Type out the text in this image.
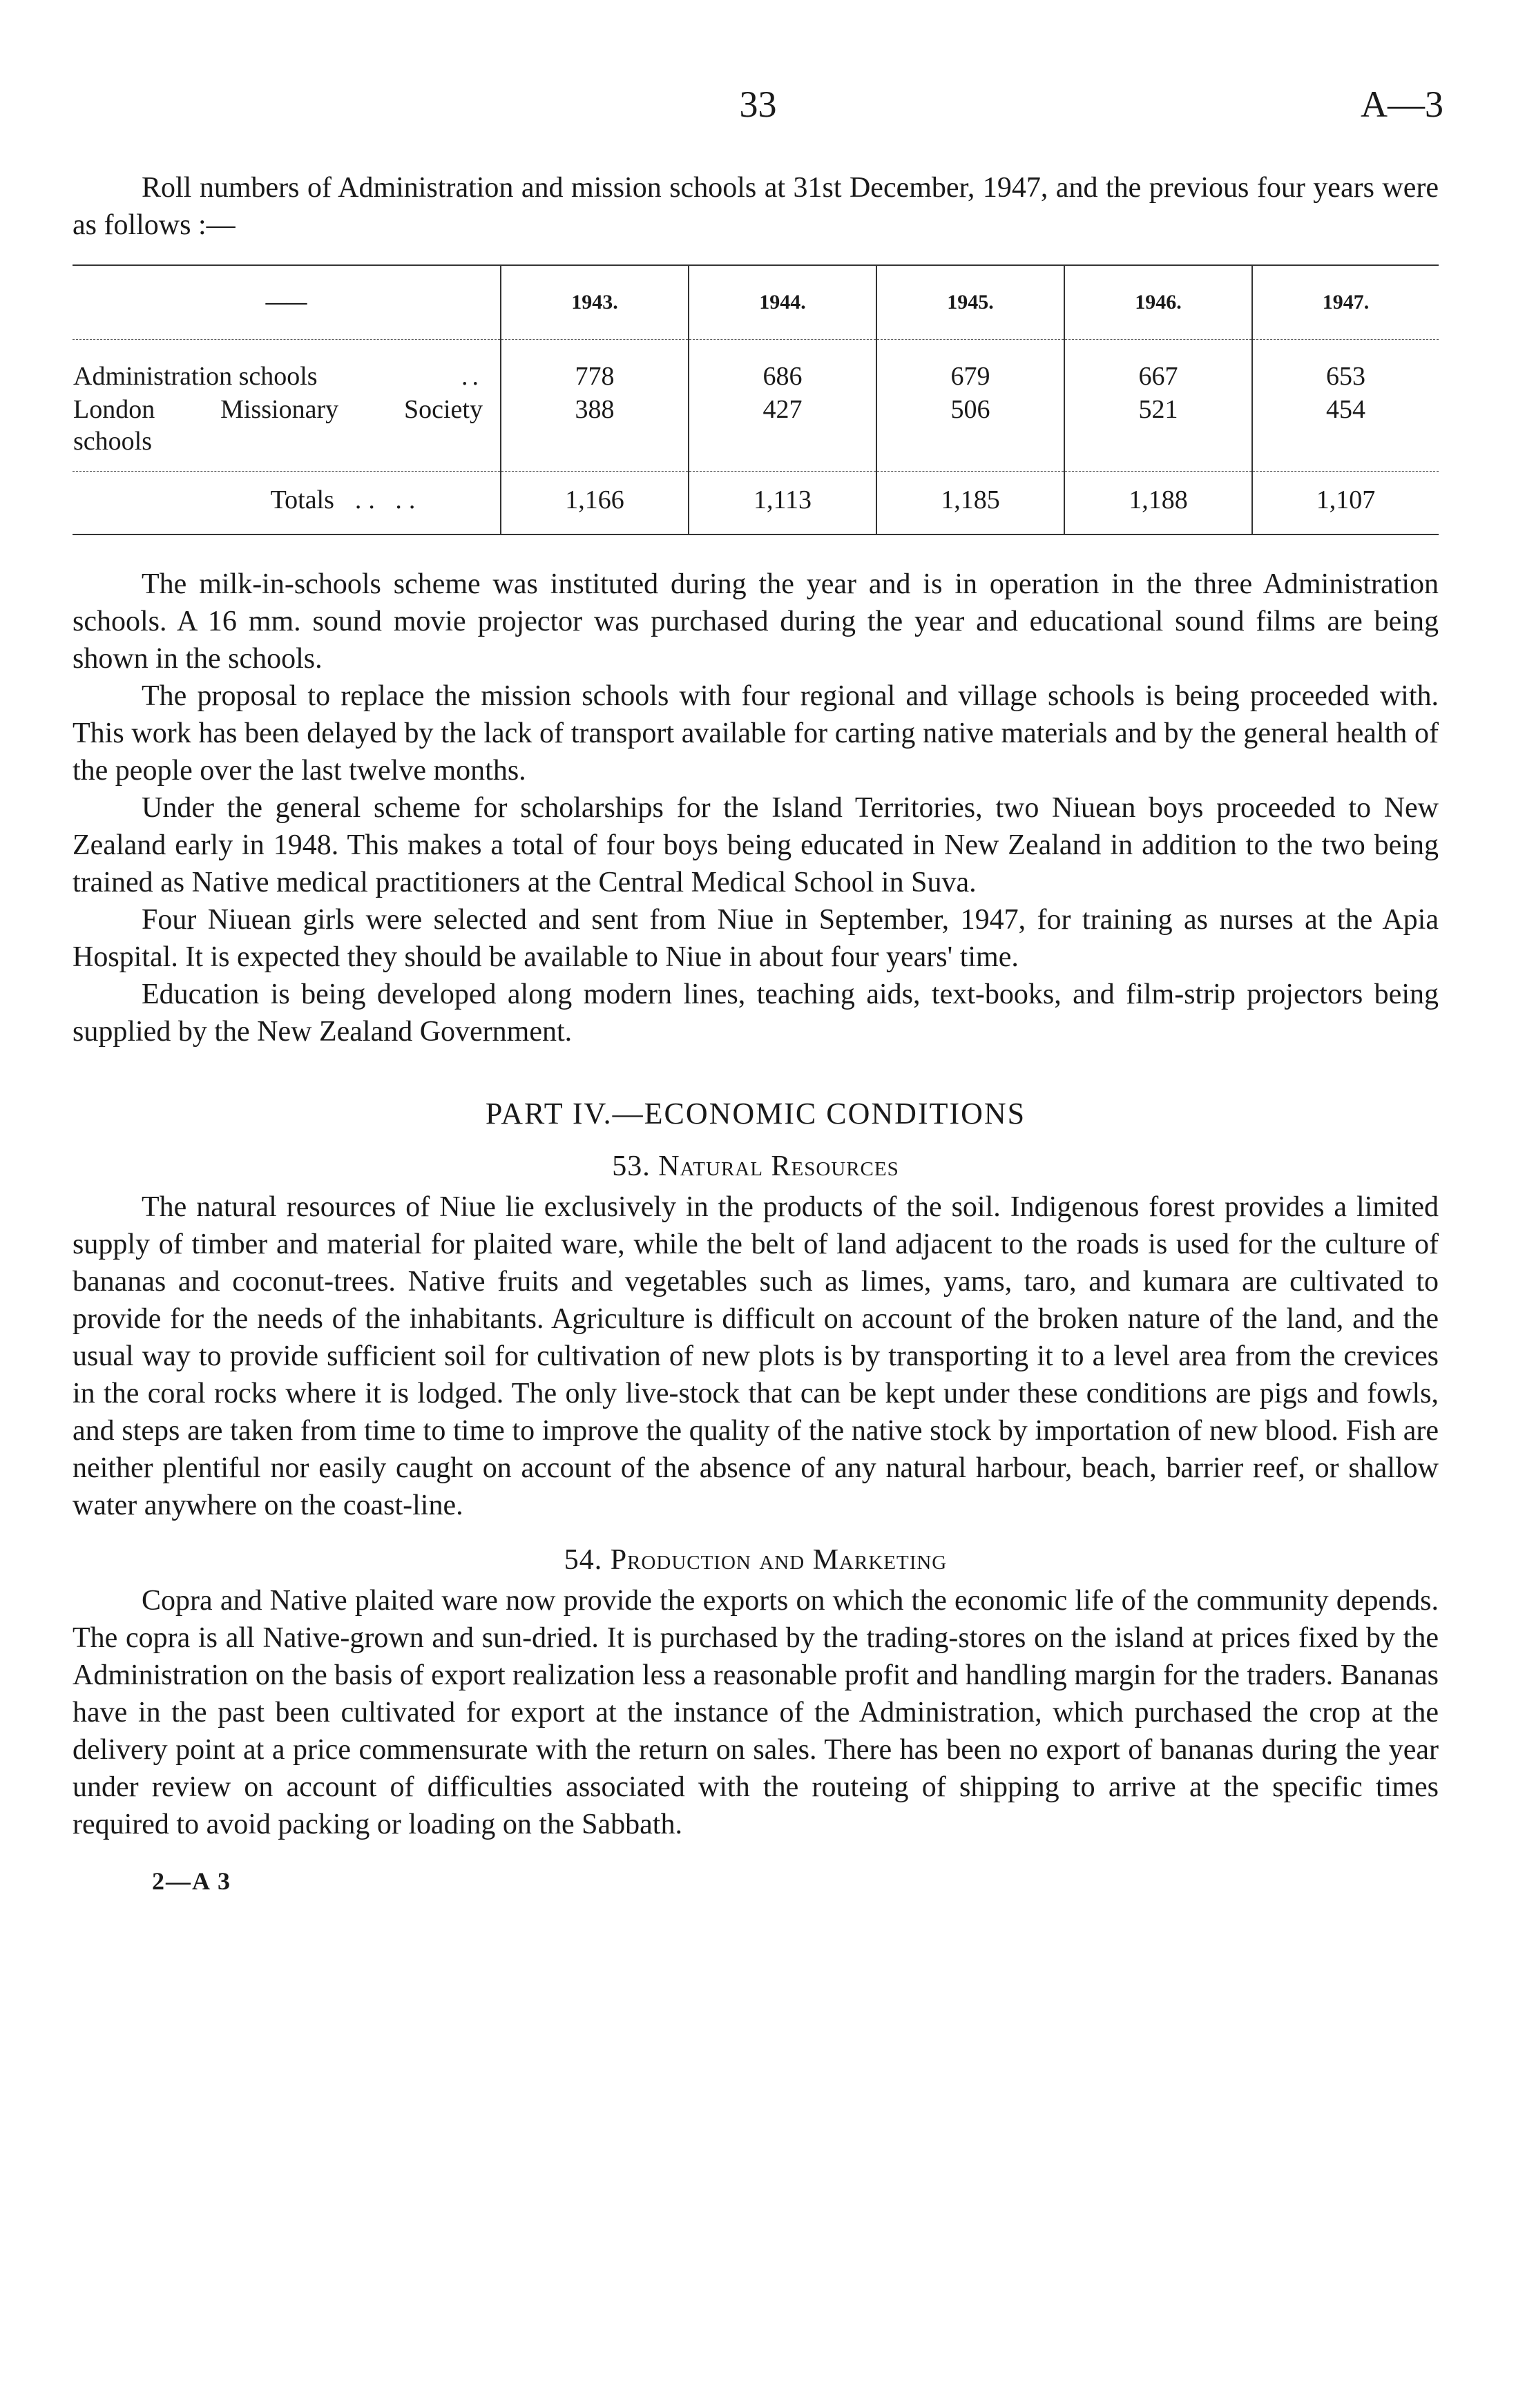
33	A—3

Roll numbers of Administration and mission schools at 31st December, 1947, and the previous four years were as follows :—

——	1943.	1944.	1945.	1946.	1947.

Administration schools ..	778	686	679	667	653

London Missionary Society
schools	388	427	506	521	454
Totals .. ..	1,166	1,113	1,185	1,188	1,107

The milk-in-schools scheme was instituted during the year and is in operation in the three Administration schools. A 16 mm. sound movie projector was purchased during the year and educational sound films are being shown in the schools.

The proposal to replace the mission schools with four regional and village schools is being proceeded with. This work has been delayed by the lack of transport available for carting native materials and by the general health of the people over the last twelve months.

Under the general scheme for scholarships for the Island Territories, two Niuean boys proceeded to New Zealand early in 1948. This makes a total of four boys being educated in New Zealand in addition to the two being trained as Native medical practitioners at the Central Medical School in Suva.

Four Niuean girls were selected and sent from Niue in September, 1947, for training as nurses at the Apia Hospital. It is expected they should be available to Niue in about four years' time.

Education is being developed along modern lines, teaching aids, text-books, and film-strip projectors being supplied by the New Zealand Government.

PART IV.—ECONOMIC CONDITIONS
53. Natural Resources

The natural resources of Niue lie exclusively in the products of the soil. Indigenous forest provides a limited supply of timber and material for plaited ware, while the belt of land adjacent to the roads is used for the culture of bananas and coconut-trees. Native fruits and vegetables such as limes, yams, taro, and kumara are cultivated to provide for the needs of the inhabitants. Agriculture is difficult on account of the broken nature of the land, and the usual way to provide sufficient soil for cultivation of new plots is by transporting it to a level area from the crevices in the coral rocks where it is lodged. The only live-stock that can be kept under these conditions are pigs and fowls, and steps are taken from time to time to improve the quality of the native stock by importation of new blood. Fish are neither plentiful nor easily caught on account of the absence of any natural harbour, beach, barrier reef, or shallow water anywhere on the coast-line.

54. Production and Marketing

Copra and Native plaited ware now provide the exports on which the economic life of the community depends. The copra is all Native-grown and sun-dried. It is purchased by the trading-stores on the island at prices fixed by the Administration on the basis of export realization less a reasonable profit and handling margin for the traders. Bananas have in the past been cultivated for export at the instance of the Administration, which purchased the crop at the delivery point at a price commensurate with the return on sales. There has been no export of bananas during the year under review on account of difficulties associated with the routeing of shipping to arrive at the specific times required to avoid packing or loading on the Sabbath.

2—A 3
